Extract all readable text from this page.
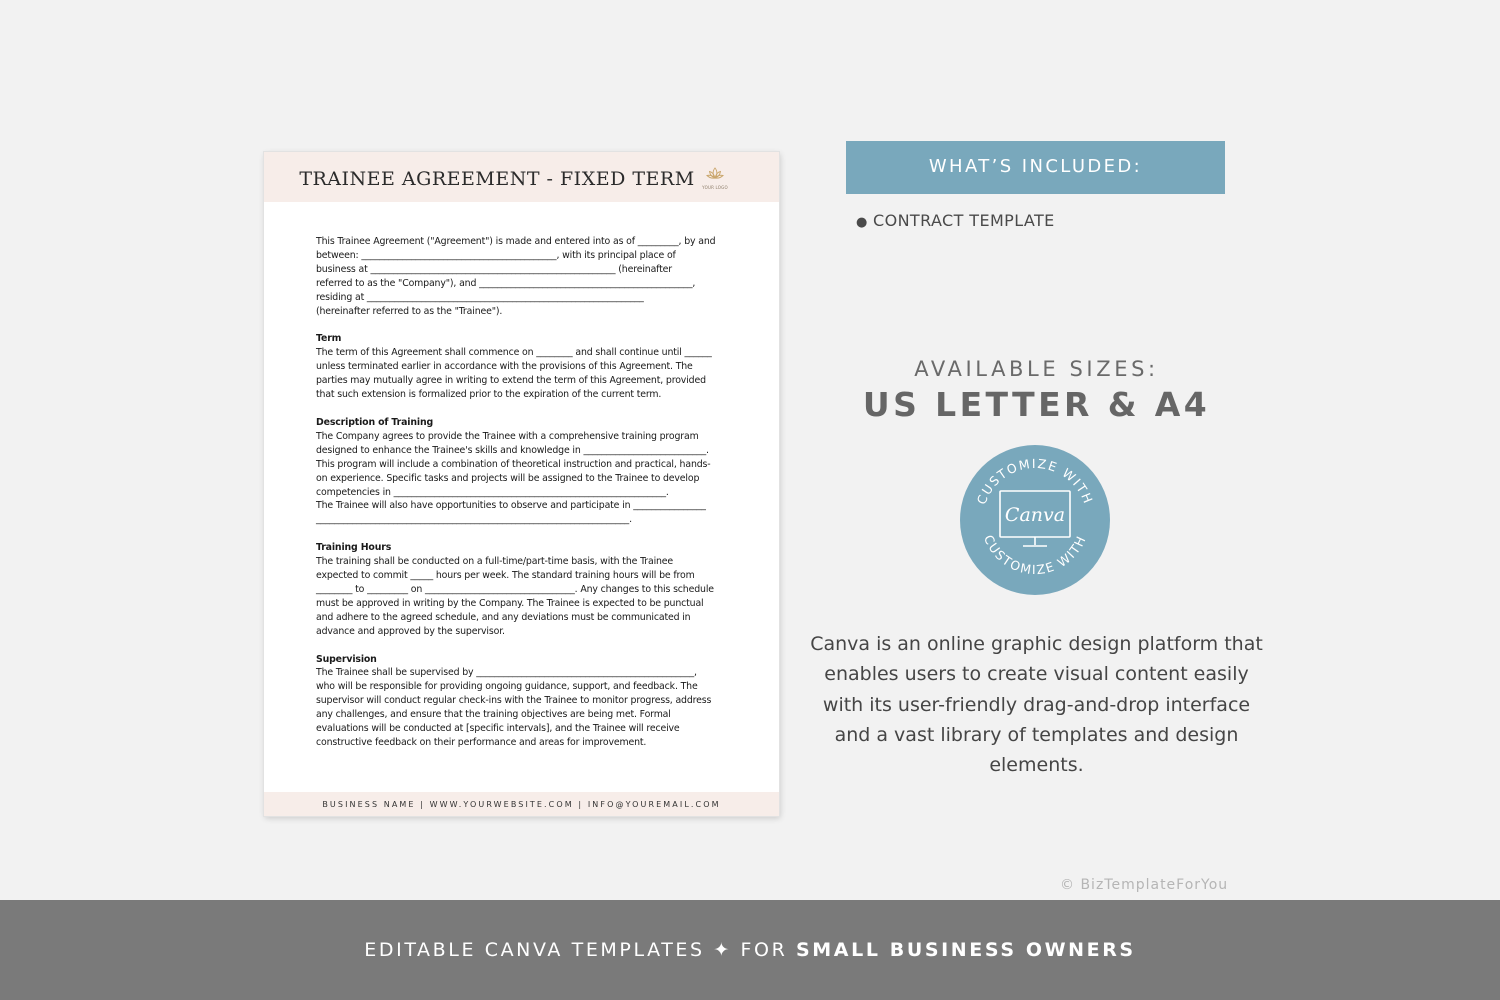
TRAINEE AGREEMENT - FIXED TERM	YOUR LOGO

This Trainee Agreement ("Agreement") is made and entered into as of _________, by and
between: ___________________________________________, with its principal place of
business at ______________________________________________________ (hereinafter
referred to as the "Company"), and _______________________________________________,
residing at _____________________________________________________________
(hereinafter referred to as the "Trainee").

Term

The term of this Agreement shall commence on ________ and shall continue until ______
unless terminated earlier in accordance with the provisions of this Agreement. The
parties may mutually agree in writing to extend the term of this Agreement, provided
that such extension is formalized prior to the expiration of the current term.

Description of Training

The Company agrees to provide the Trainee with a comprehensive training program
designed to enhance the Trainee's skills and knowledge in ___________________________.
This program will include a combination of theoretical instruction and practical, hands-
on experience. Specific tasks and projects will be assigned to the Trainee to develop
competencies in ____________________________________________________________.
The Trainee will also have opportunities to observe and participate in ________________
_____________________________________________________________________.

Training Hours

The training shall be conducted on a full-time/part-time basis, with the Trainee
expected to commit _____ hours per week. The standard training hours will be from
________ to _________ on _________________________________. Any changes to this schedule
must be approved in writing by the Company. The Trainee is expected to be punctual
and adhere to the agreed schedule, and any deviations must be communicated in
advance and approved by the supervisor.

Supervision

The Trainee shall be supervised by ________________________________________________,
who will be responsible for providing ongoing guidance, support, and feedback. The
supervisor will conduct regular check-ins with the Trainee to monitor progress, address
any challenges, and ensure that the training objectives are being met. Formal
evaluations will be conducted at [specific intervals], and the Trainee will receive
constructive feedback on their performance and areas for improvement.

BUSINESS NAME | WWW.YOURWEBSITE.COM | INFO@YOUREMAIL.COM
WHAT’S INCLUDED:
● CONTRACT TEMPLATE
AVAILABLE SIZES:
US LETTER & A4
CUSTOMIZE WITH
CUSTOMIZE WITH
Canva

Canva is an online graphic design platform that enables users to create visual content easily with its user-friendly drag-and-drop interface and a vast library of templates and design elements.

© BizTemplateForYou
EDITABLE CANVA TEMPLATES ✦ FOR SMALL BUSINESS OWNERS
